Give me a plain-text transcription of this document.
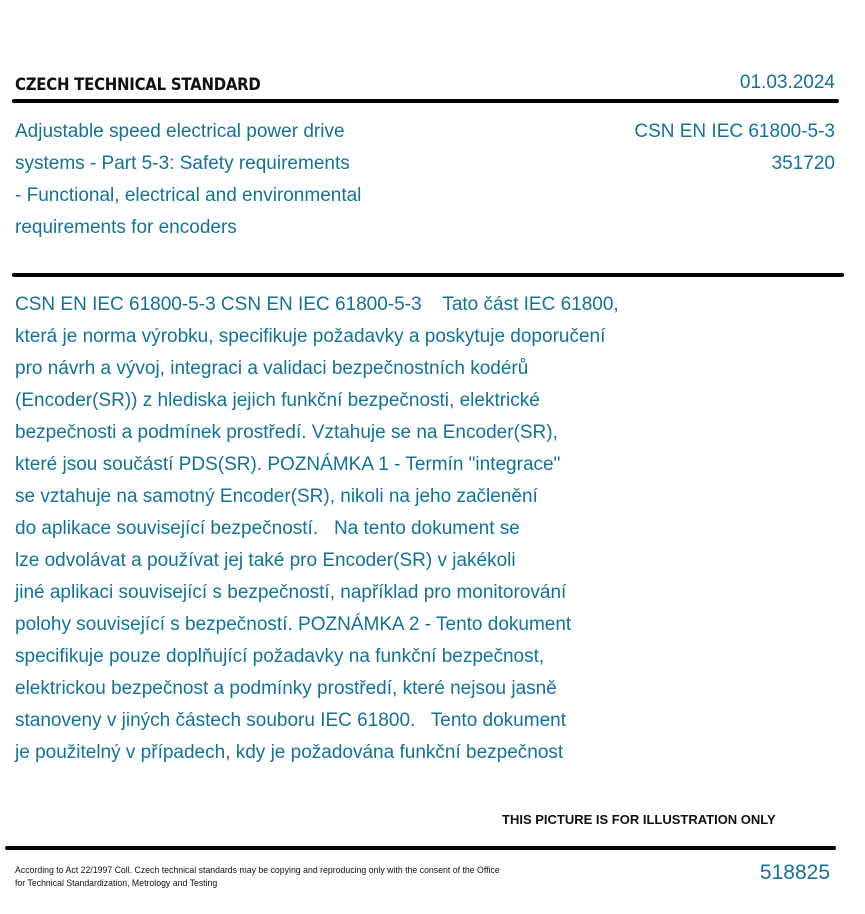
CZECH TECHNICAL STANDARD	01.03.2024
Adjustable speed electrical power drive
systems - Part 5-3: Safety requirements
- Functional, electrical and environmental
requirements for encoders
CSN EN IEC 61800-5-3
351720
CSN EN IEC 61800-5-3 CSN EN IEC 61800-5-3    Tato část IEC 61800,
která je norma výrobku, specifikuje požadavky a poskytuje doporučení
pro návrh a vývoj, integraci a validaci bezpečnostních kodérů
(Encoder(SR)) z hlediska jejich funkční bezpečnosti, elektrické
bezpečnosti a podmínek prostředí. Vztahuje se na Encoder(SR),
které jsou součástí PDS(SR). POZNÁMKA 1 - Termín "integrace"
se vztahuje na samotný Encoder(SR), nikoli na jeho začlenění
do aplikace související bezpečností.   Na tento dokument se
lze odvolávat a používat jej také pro Encoder(SR) v jakékoli
jiné aplikaci související s bezpečností, například pro monitorování
polohy související s bezpečností. POZNÁMKA 2 - Tento dokument
specifikuje pouze doplňující požadavky na funkční bezpečnost,
elektrickou bezpečnost a podmínky prostředí, které nejsou jasně
stanoveny v jiných částech souboru IEC 61800.   Tento dokument
je použitelný v případech, kdy je požadována funkční bezpečnost
THIS PICTURE IS FOR ILLUSTRATION ONLY
According to Act 22/1997 Coll. Czech technical standards may be copying and reproducing only with the consent of the Office
for Technical Standardization, Metrology and Testing	518825
